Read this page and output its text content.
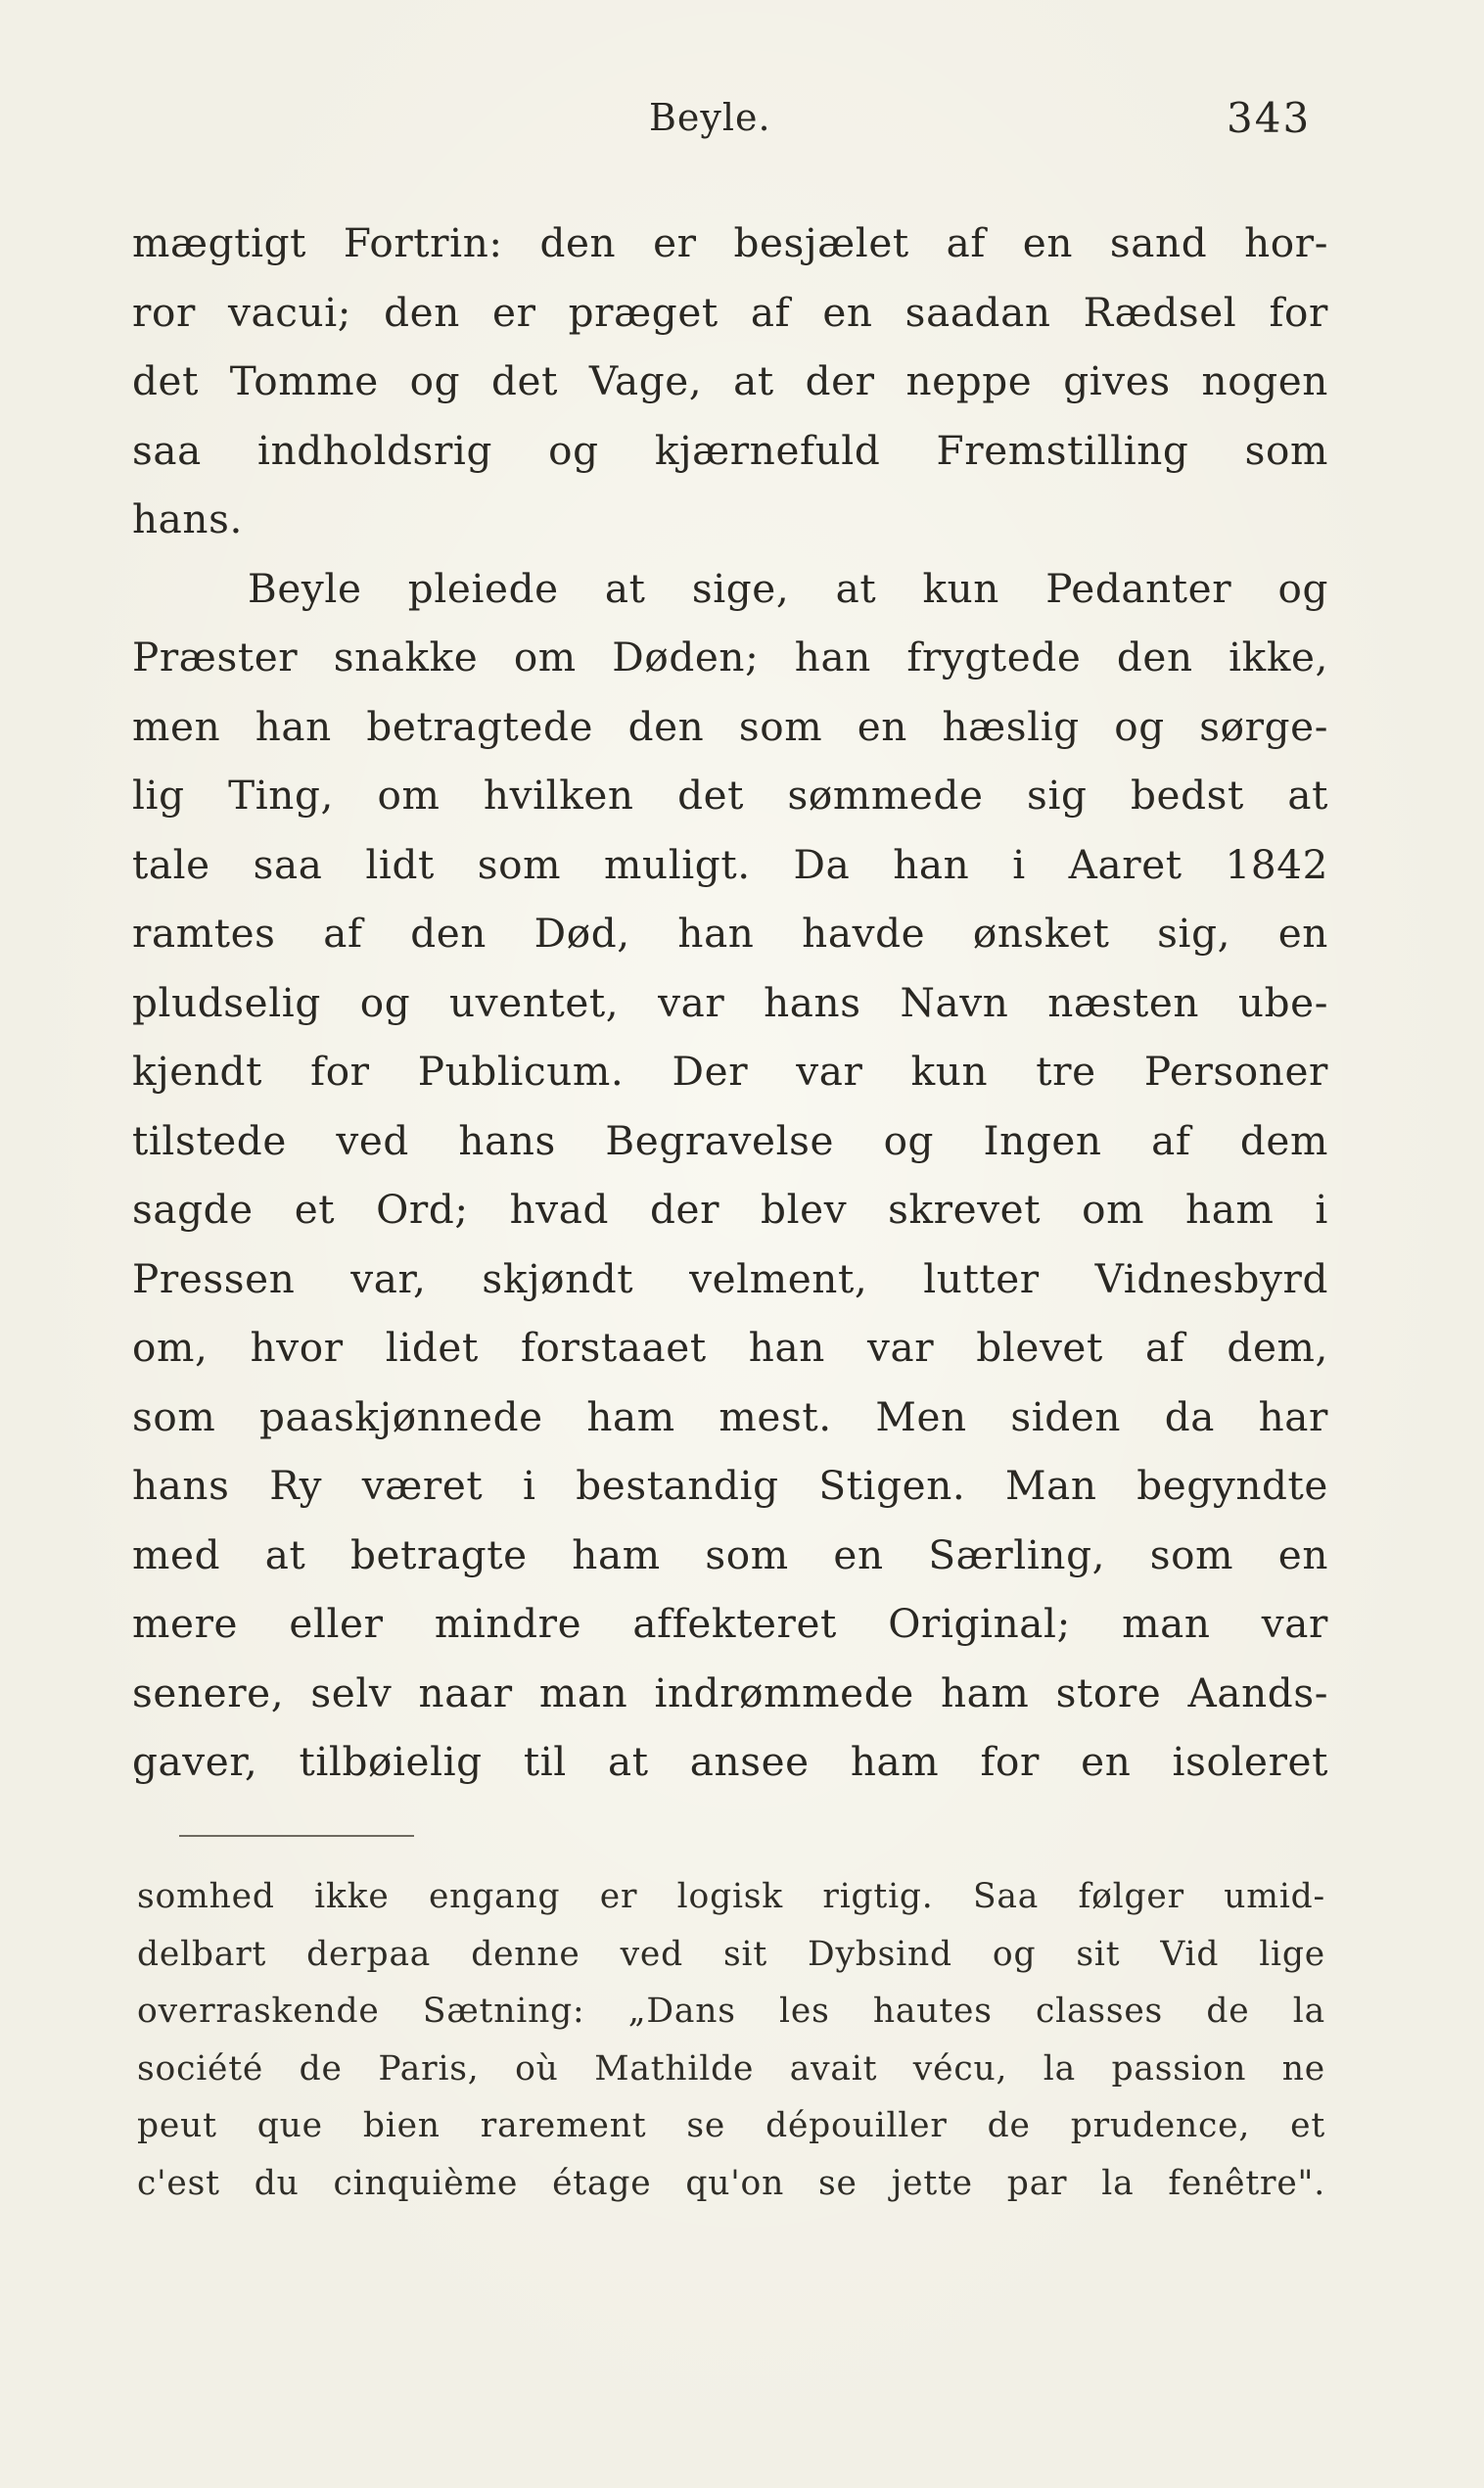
Beyle.	343
mægtigt Fortrin: den er besjælet af en sand hor-
ror vacui; den er præget af en saadan Rædsel for
det Tomme og det Vage, at der neppe gives nogen
saa indholdsrig og kjærnefuld Fremstilling som
hans.
Beyle pleiede at sige, at kun Pedanter og
Præster snakke om Døden; han frygtede den ikke,
men han betragtede den som en hæslig og sørge-
lig Ting, om hvilken det sømmede sig bedst at
tale saa lidt som muligt. Da han i Aaret 1842
ramtes af den Død, han havde ønsket sig, en
pludselig og uventet, var hans Navn næsten ube-
kjendt for Publicum. Der var kun tre Personer
tilstede ved hans Begravelse og Ingen af dem
sagde et Ord; hvad der blev skrevet om ham i
Pressen var, skjøndt velment, lutter Vidnesbyrd
om, hvor lidet forstaaet han var blevet af dem,
som paaskjønnede ham mest. Men siden da har
hans Ry været i bestandig Stigen. Man begyndte
med at betragte ham som en Særling, som en
mere eller mindre affekteret Original; man var
senere, selv naar man indrømmede ham store Aands-
gaver, tilbøielig til at ansee ham for en isoleret
somhed ikke engang er logisk rigtig. Saa følger umid-
delbart derpaa denne ved sit Dybsind og sit Vid lige
overraskende Sætning: „Dans les hautes classes de la
société de Paris, où Mathilde avait vécu, la passion ne
peut que bien rarement se dépouiller de prudence, et
c'est du cinquième étage qu'on se jette par la fenêtre".
